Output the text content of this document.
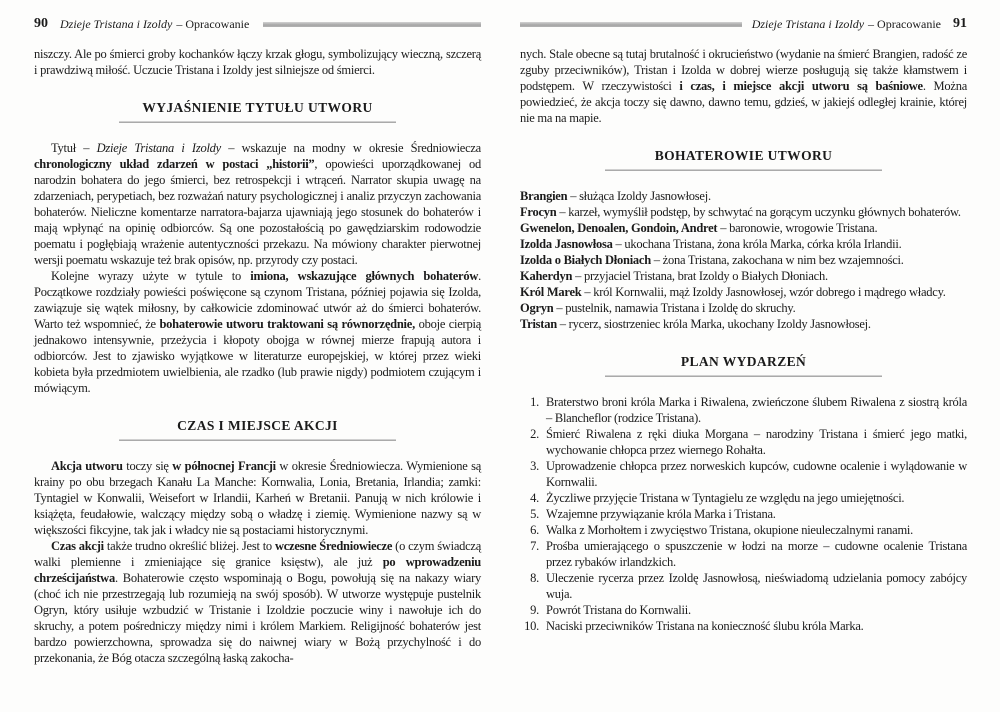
90 Dzieje Tristana i Izoldy – Opracowanie

niszczy. Ale po śmierci groby kochanków łączy krzak głogu, symbolizujący wieczną, szczerą i prawdziwą miłość. Uczucie Tristana i Izoldy jest silniejsze od śmierci.

WYJAŚNIENIE TYTUŁU UTWORU

Tytuł – Dzieje Tristana i Izoldy – wskazuje na modny w okresie Średniowiecza chronologiczny układ zdarzeń w postaci „historii”, opowieści uporządkowanej od narodzin bohatera do jego śmierci, bez retrospekcji i wtrąceń. Narrator skupia uwagę na zdarzeniach, perypetiach, bez rozważań natury psychologicznej i analiz przyczyn zachowania bohaterów. Nieliczne komentarze narratora-bajarza ujawniają jego stosunek do bohaterów i mają wpłynąć na opinię odbiorców. Są one pozostałością po gawędziarskim rodowodzie poematu i pogłębiają wrażenie autentyczności przekazu. Na mówiony charakter pierwotnej wersji poematu wskazuje też brak opisów, np. przyrody czy postaci.

Kolejne wyrazy użyte w tytule to imiona, wskazujące głównych bohaterów. Początkowe rozdziały powieści poświęcone są czynom Tristana, później pojawia się Izolda, zawiązuje się wątek miłosny, by całkowicie zdominować utwór aż do śmierci bohaterów. Warto też wspomnieć, że bohaterowie utworu traktowani są równorzędnie, oboje cierpią jednakowo intensywnie, przeżycia i kłopoty obojga w równej mierze frapują autora i odbiorców. Jest to zjawisko wyjątkowe w literaturze europejskiej, w której przez wieki kobieta była przedmiotem uwielbienia, ale rzadko (lub prawie nigdy) podmiotem czującym i mówiącym.

CZAS I MIEJSCE AKCJI

Akcja utworu toczy się w północnej Francji w okresie Średniowiecza. Wymienione są krainy po obu brzegach Kanału La Manche: Kornwalia, Lonia, Bretania, Irlandia; zamki: Tyntagiel w Konwalii, Weisefort w Irlandii, Karheń w Bretanii. Panują w nich królowie i książęta, feudałowie, walczący między sobą o władzę i ziemię. Wymienione nazwy są w większości fikcyjne, tak jak i władcy nie są postaciami historycznymi.

Czas akcji także trudno określić bliżej. Jest to wczesne Średniowiecze (o czym świadczą walki plemienne i zmieniające się granice księstw), ale już po wprowadzeniu chrześcijaństwa. Bohaterowie często wspominają o Bogu, powołują się na nakazy wiary (choć ich nie przestrzegają lub rozumieją na swój sposób). W utworze występuje pustelnik Ogryn, który usiłuje wzbudzić w Tristanie i Izoldzie poczucie winy i nawołuje ich do skruchy, a potem pośredniczy między nimi i królem Markiem. Religijność bohaterów jest bardzo powierzchowna, sprowadza się do naiwnej wiary w Bożą przychylność i do przekonania, że Bóg otacza szczególną łaską zakocha-

Dzieje Tristana i Izoldy – Opracowanie 91

nych. Stale obecne są tutaj brutalność i okrucieństwo (wydanie na śmierć Brangien, radość ze zguby przeciwników), Tristan i Izolda w dobrej wierze posługują się także kłamstwem i podstępem. W rzeczywistości i czas, i miejsce akcji utworu są baśniowe. Można powiedzieć, że akcja toczy się dawno, dawno temu, gdzieś, w jakiejś odległej krainie, której nie ma na mapie.

BOHATEROWIE UTWORU

Brangien – służąca Izoldy Jasnowłosej.

Frocyn – karzeł, wymyślił podstęp, by schwytać na gorącym uczynku głównych bohaterów.

Gwenelon, Denoalen, Gondoin, Andret – baronowie, wrogowie Tristana.

Izolda Jasnowłosa – ukochana Tristana, żona króla Marka, córka króla Irlandii.

Izolda o Białych Dłoniach – żona Tristana, zakochana w nim bez wzajemności.

Kaherdyn – przyjaciel Tristana, brat Izoldy o Białych Dłoniach.

Król Marek – król Kornwalii, mąż Izoldy Jasnowłosej, wzór dobrego i mądrego władcy.

Ogryn – pustelnik, namawia Tristana i Izoldę do skruchy.

Tristan – rycerz, siostrzeniec króla Marka, ukochany Izoldy Jasnowłosej.

PLAN WYDARZEŃ
1. Braterstwo broni króla Marka i Riwalena, zwieńczone ślubem Riwalena z siostrą króla – Blancheflor (rodzice Tristana).

2. Śmierć Riwalena z ręki diuka Morgana – narodziny Tristana i śmierć jego matki, wychowanie chłopca przez wiernego Rohałta.

3. Uprowadzenie chłopca przez norweskich kupców, cudowne ocalenie i wylądowanie w Kornwalii.

4. Życzliwe przyjęcie Tristana w Tyntagielu ze względu na jego umiejętności.

5. Wzajemne przywiązanie króla Marka i Tristana.

6. Walka z Morhołtem i zwycięstwo Tristana, okupione nieuleczalnymi ranami.

7. Prośba umierającego o spuszczenie w łodzi na morze – cudowne ocalenie Tristana przez rybaków irlandzkich.

8. Uleczenie rycerza przez Izoldę Jasnowłosą, nieświadomą udzielania pomocy zabójcy wuja.

9. Powrót Tristana do Kornwalii.

10. Naciski przeciwników Tristana na konieczność ślubu króla Marka.
